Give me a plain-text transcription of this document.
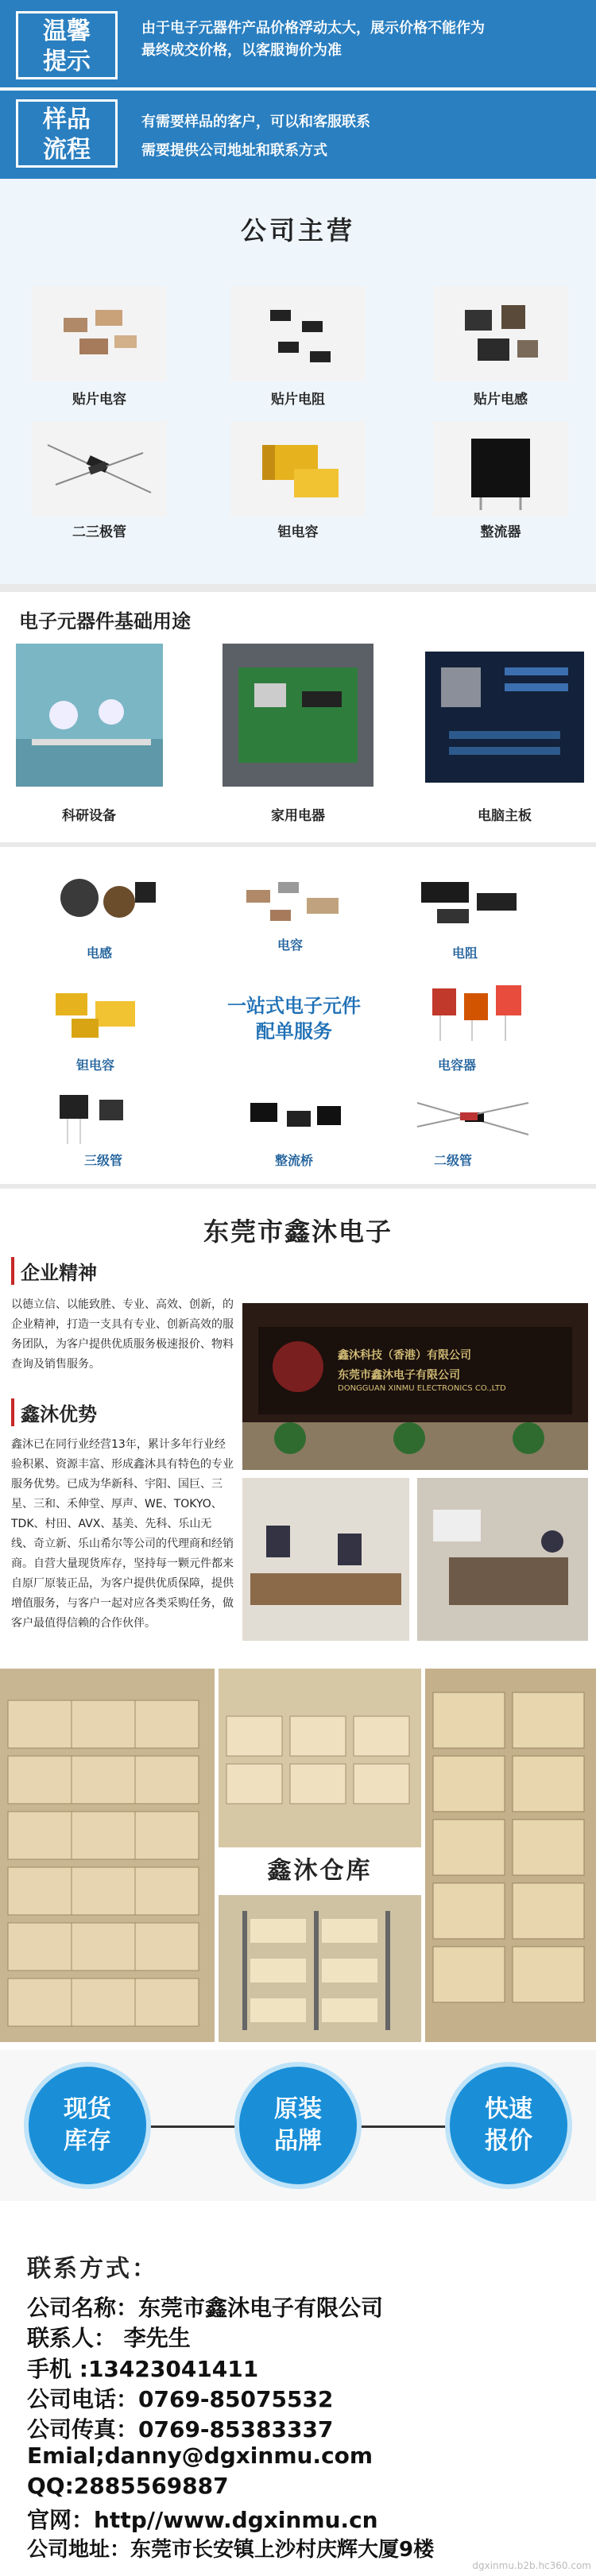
温馨
提示
由于电子元器件产品价格浮动太大，展示价格不能作为
最终成交价格，以客服询价为准
样品
流程
有需要样品的客户，可以和客服联系
需要提供公司地址和联系方式
公司主营
贴片电容	贴片电阻	贴片电感
二三极管	钽电容	整流器
电子元器件基础用途
科研设备	家用电器	电脑主板
电感
电容
电阻
钽电容
一站式电子元件
配单服务
电容器
三级管	整流桥	二级管
东莞市鑫沐电子
企业精神
以德立信、以能致胜、专业、高效、创新，的企业精神，打造一支具有专业、创新高效的服务团队，为客户提供优质服务极速报价、物料查询及销售服务。
鑫沐优势
鑫沐已在同行业经营13年，累计多年行业经验积累、资源丰富、形成鑫沐具有特色的专业服务优势。已成为华新科、宇阳、国巨、三星、三和、禾伸堂、厚声、WE、TOKYO、TDK、村田、AVX、基美、先科、乐山无线、奇立新、乐山希尔等公司的代理商和经销商。自营大量现货库存，坚持每一颗元件都来自原厂原装正品，为客户提供优质保障，提供增值服务，与客户一起对应各类采购任务，做客户最值得信赖的合作伙伴。
鑫沐科技（香港）有限公司
东莞市鑫沐电子有限公司
DONGGUAN XINMU ELECTRONICS CO.,LTD
鑫沐仓库
现货
库存
原装
品牌
快速
报价
联系方式：
公司名称：东莞市鑫沐电子有限公司
联系人： 李先生
手机 :13423041411
公司电话：0769-85075532
公司传真：0769-85383337
Emial;danny@dgxinmu.com
QQ:2885569887
官网：http//www.dgxinmu.cn
公司地址：东莞市长安镇上沙村庆辉大厦9楼
dgxinmu.b2b.hc360.com
